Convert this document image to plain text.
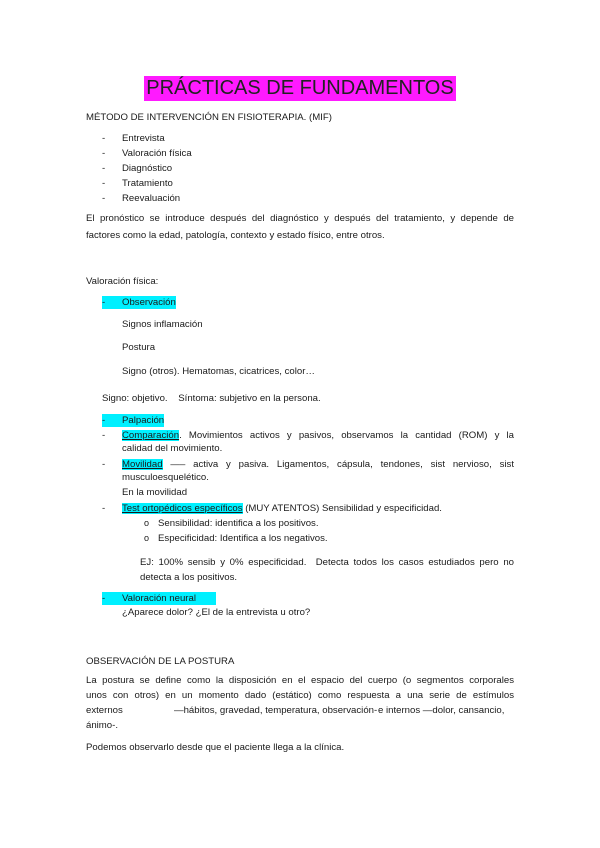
PRÁCTICAS DE FUNDAMENTOS
MÉTODO DE INTERVENCIÓN EN FISIOTERAPIA. (MIF)
- Entrevista
- Valoración física
- Diagnóstico
- Tratamiento
- Reevaluación
El pronóstico se introduce después del diagnóstico y después del tratamiento, y depende de
factores como la edad, patología, contexto y estado físico, entre otros.
Valoración física:
- Observación
Signos inflamación
Postura
Signo (otros). Hematomas, cicatrices, color…
Signo: objetivo.    Síntoma: subjetivo en la persona.
- Palpación
- Comparación. Movimientos activos y pasivos, observamos la cantidad (ROM) y la
calidad del movimiento.
- Movilidad —– activa y pasiva. Ligamentos, cápsula, tendones, sist nervioso, sist
musculoesquelético.
En la movilidad
- Test ortopédicos específicos (MUY ATENTOS) Sensibilidad y especificidad.
o Sensibilidad: identifica a los positivos.
o Especificidad: Identifica a los negativos.
EJ: 100% sensib y 0% especificidad.  Detecta todos los casos estudiados pero no
detecta a los positivos.
- Valoración neural
¿Aparece dolor? ¿El de la entrevista u otro?
OBSERVACIÓN DE LA POSTURA
La postura se define como la disposición en el espacio del cuerpo (o segmentos corporales
unos con otros) en un momento dado (estático) como respuesta a una serie de estímulos
externos	—hábitos, gravedad, temperatura, observación- e internos —dolor, cansancio,
ánimo-.
Podemos observarlo desde que el paciente llega a la clínica.
